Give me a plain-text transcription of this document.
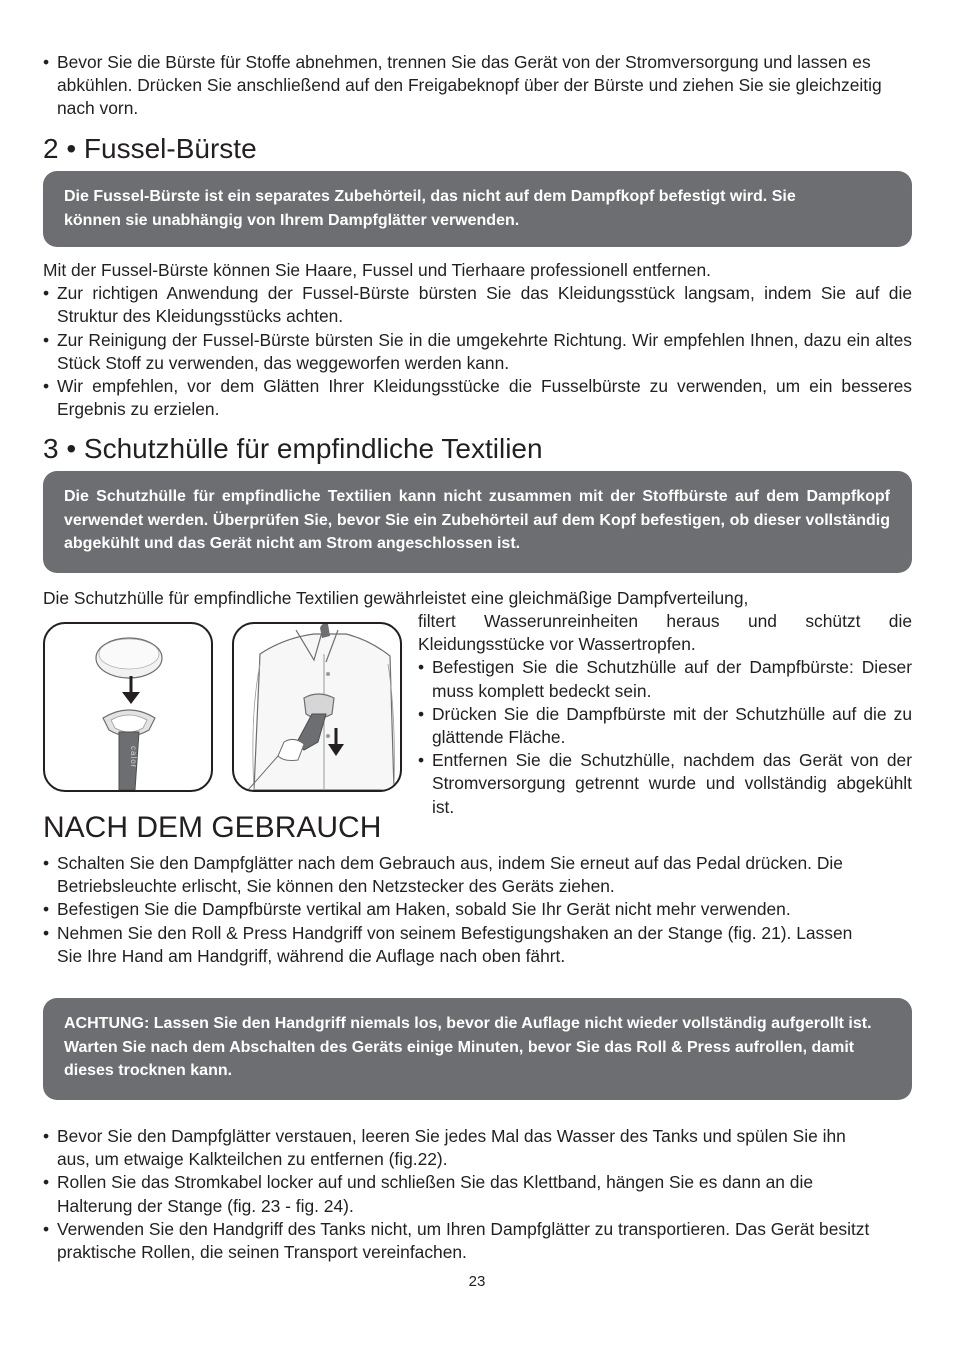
• Bevor Sie die Bürste für Stoffe abnehmen, trennen Sie das Gerät von der Stromversorgung und lassen es abkühlen. Drücken Sie anschließend auf den Freigabeknopf über der Bürste und ziehen Sie sie gleichzeitig nach vorn.
2 • Fussel-Bürste

Die Fussel-Bürste ist ein separates Zubehörteil, das nicht auf dem Dampfkopf befestigt wird. Sie können sie unabhängig von Ihrem Dampfglätter verwenden.

Mit der Fussel-Bürste können Sie Haare, Fussel und Tierhaare professionell entfernen.

• Zur richtigen Anwendung der Fussel-Bürste bürsten Sie das Kleidungsstück langsam, indem Sie auf die Struktur des Kleidungsstücks achten.
• Zur Reinigung der Fussel-Bürste bürsten Sie in die umgekehrte Richtung. Wir empfehlen Ihnen, dazu ein altes Stück Stoff zu verwenden, das weggeworfen werden kann.
• Wir empfehlen, vor dem Glätten Ihrer Kleidungsstücke die Fusselbürste zu verwenden, um ein besseres Ergebnis zu erzielen.
3 • Schutzhülle für empfindliche Textilien

Die Schutzhülle für empfindliche Textilien kann nicht zusammen mit der Stoffbürste auf dem Dampfkopf verwendet werden. Überprüfen Sie, bevor Sie ein Zubehörteil auf dem Kopf befestigen, ob dieser vollständig abgekühlt und das Gerät nicht am Strom angeschlossen ist.

Die Schutzhülle für empfindliche Textilien gewährleistet eine gleichmäßige Dampfverteilung,

calor

filtert Wasserunreinheiten heraus und schützt die Kleidungsstücke vor Wassertropfen.

• Befestigen Sie die Schutzhülle auf der Dampfbürste: Dieser muss komplett bedeckt sein.
• Drücken Sie die Dampfbürste mit der Schutzhülle auf die zu glättende Fläche.
• Entfernen Sie die Schutzhülle, nachdem das Gerät von der Stromversorgung getrennt wurde und vollständig abgekühlt ist.
NACH DEM GEBRAUCH
• Schalten Sie den Dampfglätter nach dem Gebrauch aus, indem Sie erneut auf das Pedal drücken. Die Betriebsleuchte erlischt, Sie können den Netzstecker des Geräts ziehen.
• Befestigen Sie die Dampfbürste vertikal am Haken, sobald Sie Ihr Gerät nicht mehr verwenden.
• Nehmen Sie den Roll & Press Handgriff von seinem Befestigungshaken an der Stange (fig. 21). Lassen Sie Ihre Hand am Handgriff, während die Auflage nach oben fährt.

ACHTUNG: Lassen Sie den Handgriff niemals los, bevor die Auflage nicht wieder vollständig aufgerollt ist. Warten Sie nach dem Abschalten des Geräts einige Minuten, bevor Sie das Roll & Press aufrollen, damit dieses trocknen kann.

• Bevor Sie den Dampfglätter verstauen, leeren Sie jedes Mal das Wasser des Tanks und spülen Sie ihn aus, um etwaige Kalkteilchen zu entfernen (fig.22).
• Rollen Sie das Stromkabel locker auf und schließen Sie das Klettband, hängen Sie es dann an die Halterung der Stange (fig. 23 - fig. 24).
• Verwenden Sie den Handgriff des Tanks nicht, um Ihren Dampfglätter zu transportieren. Das Gerät besitzt praktische Rollen, die seinen Transport vereinfachen.
23
